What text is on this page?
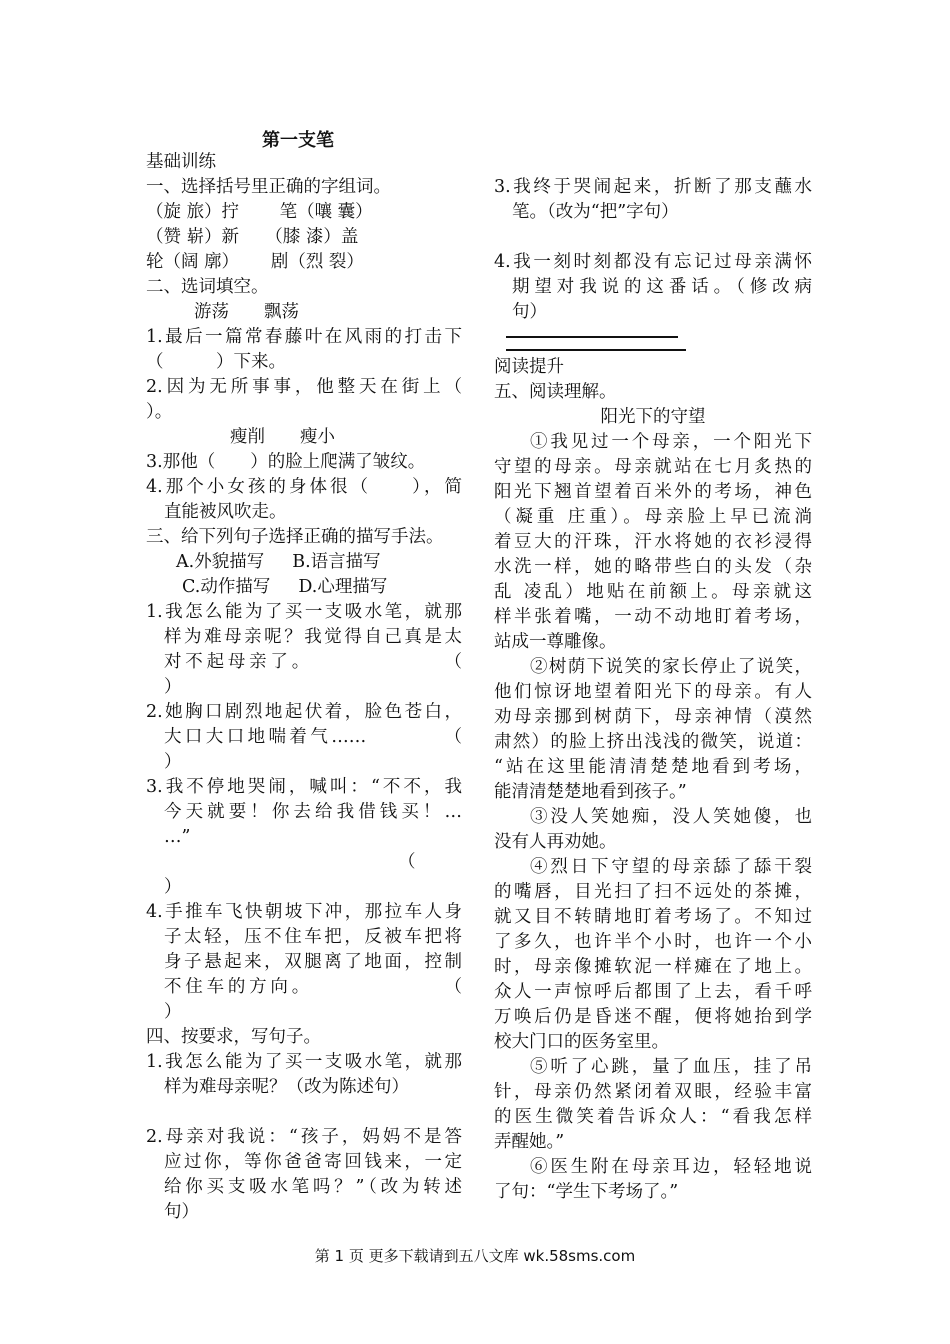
第一支笔
基础训练
一、选择括号里正确的字组词。
（旋 旅）拧　　 笔（嚷 囊）
（赞 崭）新　　（膝 漆）盖
轮（阔 廓）　　 剧（烈 裂）
二、选词填空。
游荡　　飘荡
1.最后一篇常春藤叶在风雨的打击下
（　　　）下来。
2.因为无所事事，他整天在街上（
）。
瘦削　　瘦小
3.那他（　　）的脸上爬满了皱纹。
4.那个小女孩的身体很（　　），简
直能被风吹走。
三、给下列句子选择正确的描写手法。
A.外貌描写 B.语言描写
C.动作描写 D.心理描写
1.我怎么能为了买一支吸水笔，就那
样为难母亲呢？我觉得自己真是太
对不起母亲了。　　　　　　　（
）
2.她胸口剧烈地起伏着，脸色苍白，
大口大口地喘着气……　　　　（
）
3.我不停地哭闹，喊叫：“不不，我
今天就要！你去给我借钱买！…
…”
（
）
4.手推车飞快朝坡下冲，那拉车人身
子太轻，压不住车把，反被车把将
身子悬起来，双腿离了地面，控制
不住车的方向。　　　　　　　（
）
四、按要求，写句子。
1.我怎么能为了买一支吸水笔，就那
样为难母亲呢？（改为陈述句）
2.母亲对我说：“孩子，妈妈不是答
应过你，等你爸爸寄回钱来，一定
给你买支吸水笔吗？”（改为转述
句）
3.我终于哭闹起来，折断了那支蘸水
笔。（改为“把”字句）
4.我一刻时刻都没有忘记过母亲满怀
期望对我说的这番话。（修改病
句）
阅读提升
五、阅读理解。
阳光下的守望
①我见过一个母亲，一个阳光下
守望的母亲。母亲就站在七月炙热的
阳光下翘首望着百米外的考场，神色
（凝重 庄重）。母亲脸上早已流淌
着豆大的汗珠，汗水将她的衣衫浸得
水洗一样，她的略带些白的头发（杂
乱 凌乱）地贴在前额上。母亲就这
样半张着嘴，一动不动地盯着考场，
站成一尊雕像。
②树荫下说笑的家长停止了说笑，
他们惊讶地望着阳光下的母亲。有人
劝母亲挪到树荫下，母亲神情（漠然
肃然）的脸上挤出浅浅的微笑，说道：
“站在这里能清清楚楚地看到考场，
能清清楚楚地看到孩子。”
③没人笑她痴，没人笑她傻，也
没有人再劝她。
④烈日下守望的母亲舔了舔干裂
的嘴唇，目光扫了扫不远处的茶摊，
就又目不转睛地盯着考场了。不知过
了多久，也许半个小时，也许一个小
时，母亲像摊软泥一样瘫在了地上。
众人一声惊呼后都围了上去，看千呼
万唤后仍是昏迷不醒，便将她抬到学
校大门口的医务室里。
⑤听了心跳，量了血压，挂了吊
针，母亲仍然紧闭着双眼，经验丰富
的医生微笑着告诉众人：“看我怎样
弄醒她。”
⑥医生附在母亲耳边，轻轻地说
了句：“学生下考场了。”
第 1 页 更多下载请到五八文库 wk.58sms.com
